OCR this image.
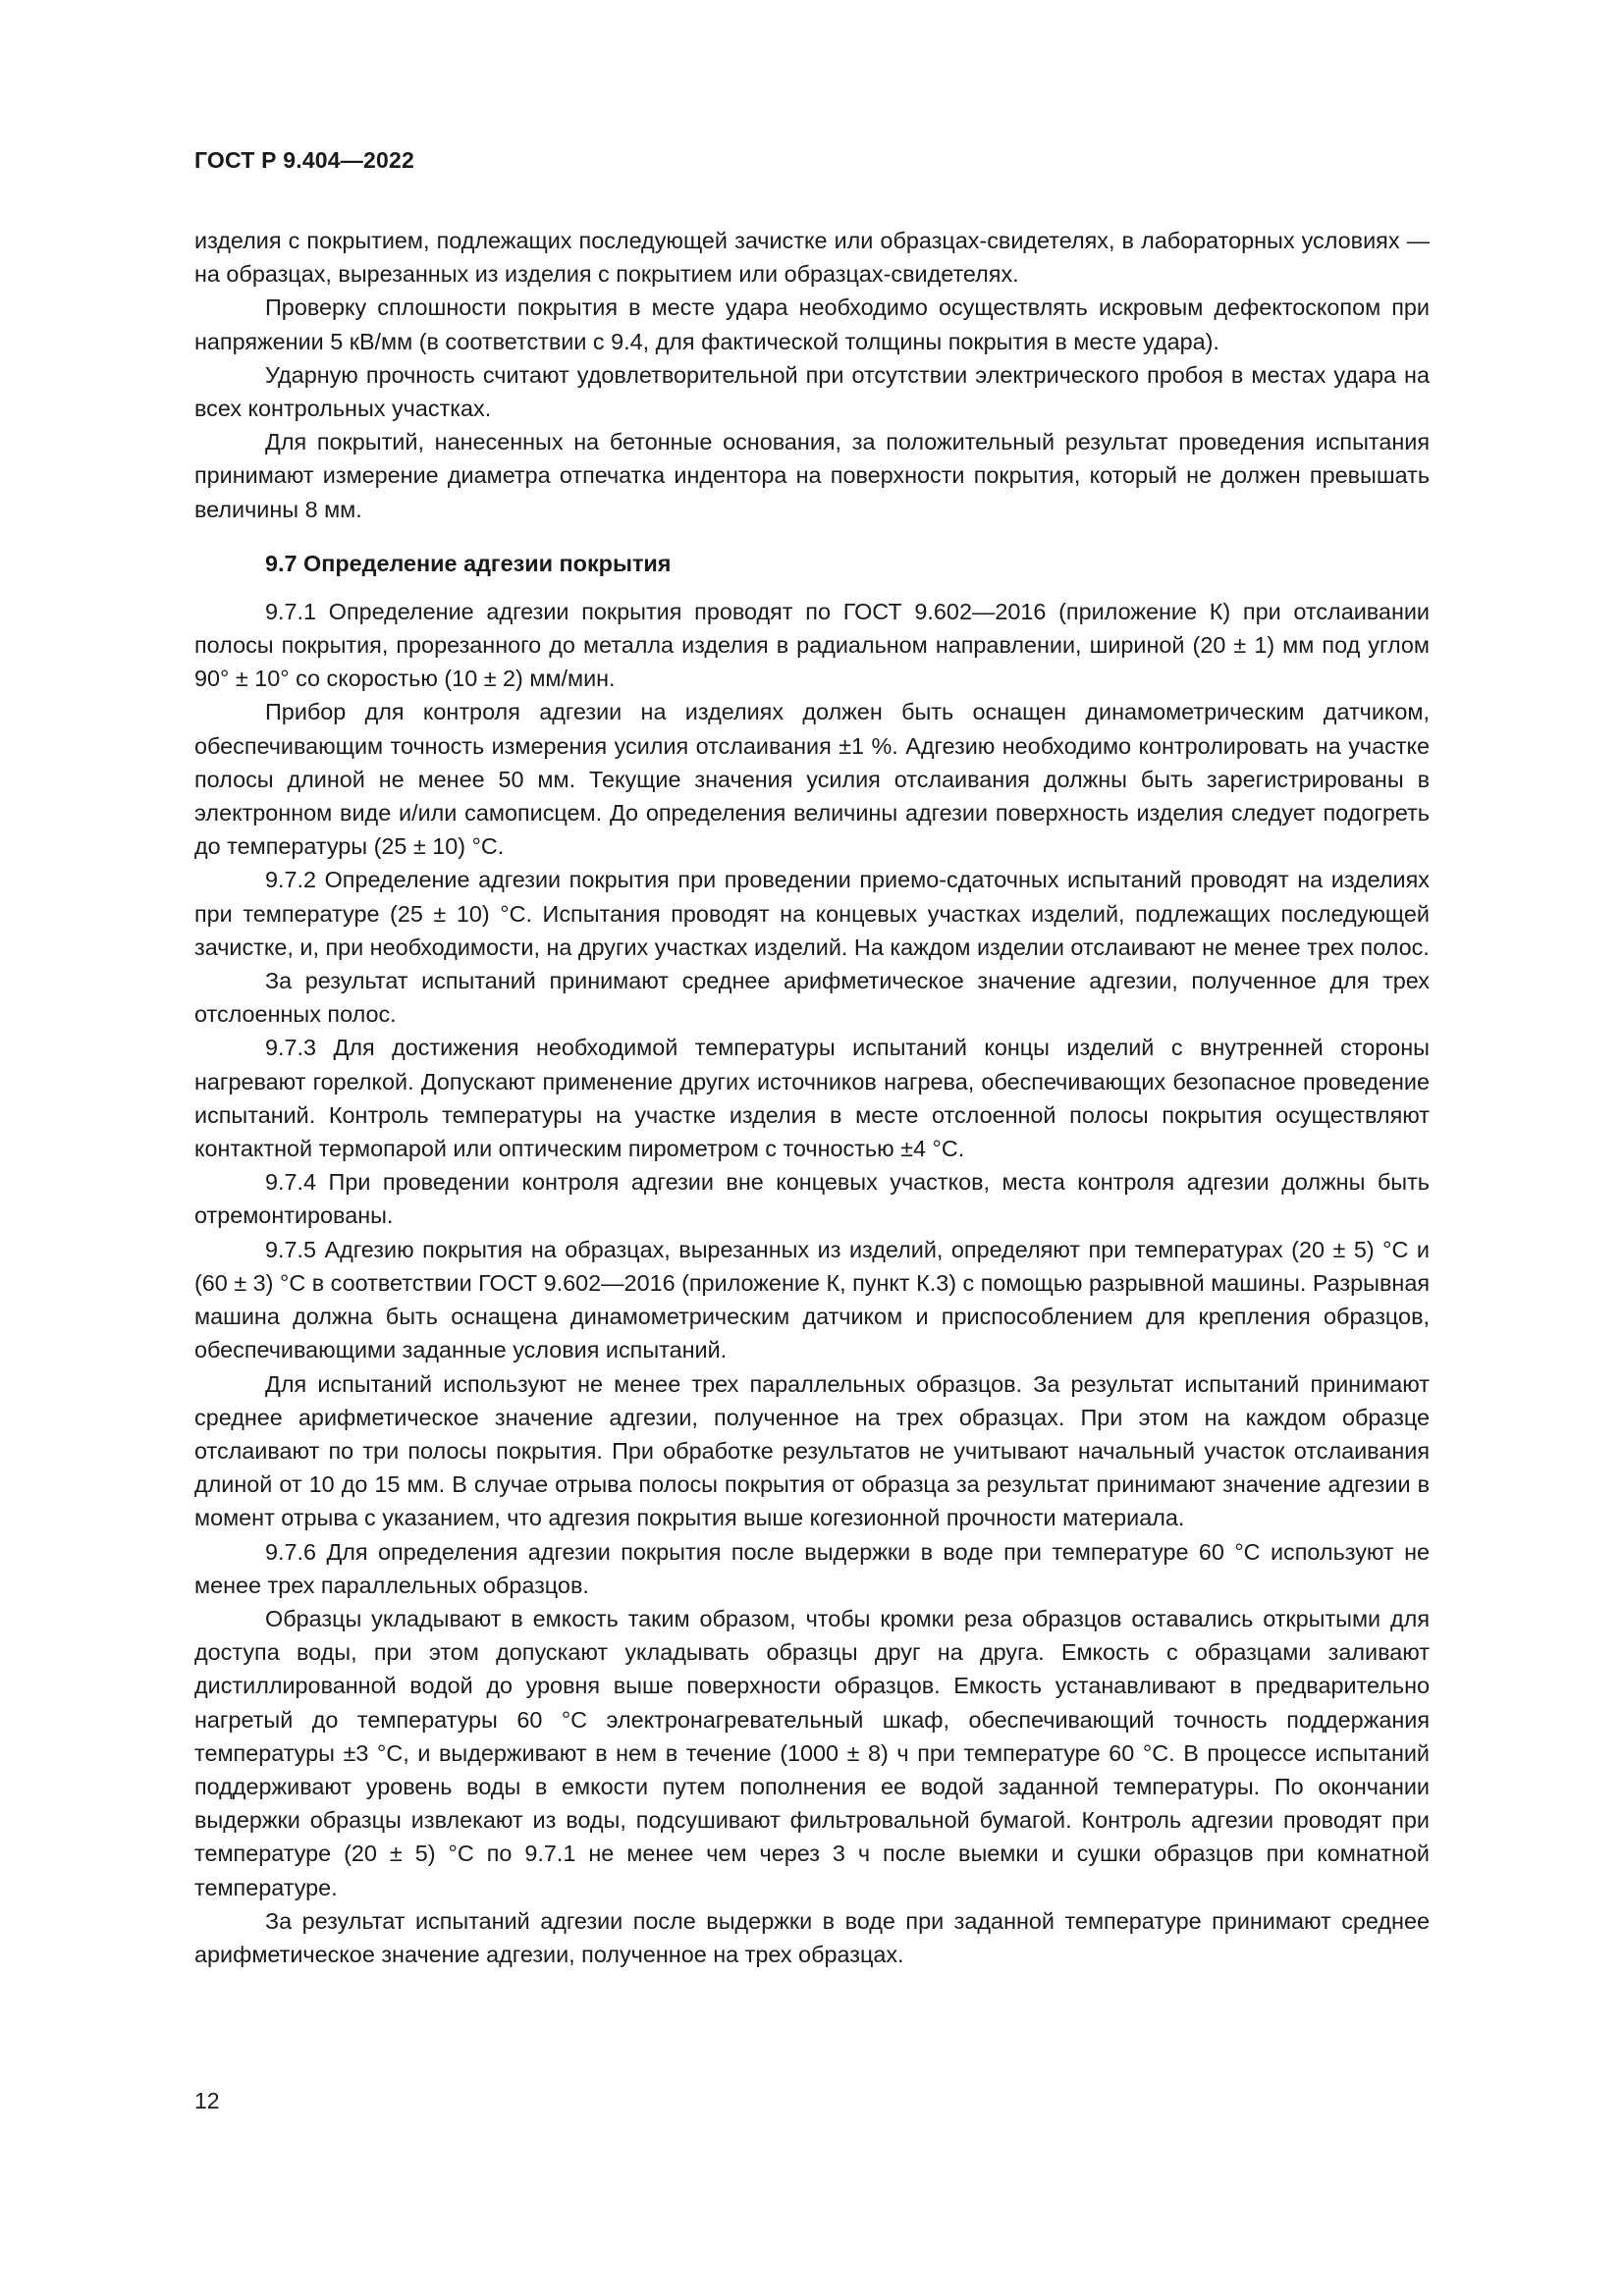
ГОСТ Р 9.404—2022

изделия с покрытием, подлежащих последующей зачистке или образцах-свидетелях, в лабораторных условиях — на образцах, вырезанных из изделия с покрытием или образцах-свидетелях.

Проверку сплошности покрытия в месте удара необходимо осуществлять искровым дефектоскопом при напряжении 5 кВ/мм (в соответствии с 9.4, для фактической толщины покрытия в месте удара).

Ударную прочность считают удовлетворительной при отсутствии электрического пробоя в местах удара на всех контрольных участках.

Для покрытий, нанесенных на бетонные основания, за положительный результат проведения испытания принимают измерение диаметра отпечатка индентора на поверхности покрытия, который не должен превышать величины 8 мм.

9.7 Определение адгезии покрытия

9.7.1 Определение адгезии покрытия проводят по ГОСТ 9.602—2016 (приложение К) при отслаивании полосы покрытия, прорезанного до металла изделия в радиальном направлении, шириной (20 ± 1) мм под углом 90° ± 10° со скоростью (10 ± 2) мм/мин.

Прибор для контроля адгезии на изделиях должен быть оснащен динамометрическим датчиком, обеспечивающим точность измерения усилия отслаивания ±1 %. Адгезию необходимо контролировать на участке полосы длиной не менее 50 мм. Текущие значения усилия отслаивания должны быть зарегистрированы в электронном виде и/или самописцем. До определения величины адгезии поверхность изделия следует подогреть до температуры (25 ± 10) °С.

9.7.2 Определение адгезии покрытия при проведении приемо-сдаточных испытаний проводят на изделиях при температуре (25 ± 10) °С. Испытания проводят на концевых участках изделий, подлежащих последующей зачистке, и, при необходимости, на других участках изделий. На каждом изделии отслаивают не менее трех полос.

За результат испытаний принимают среднее арифметическое значение адгезии, полученное для трех отслоенных полос.

9.7.3 Для достижения необходимой температуры испытаний концы изделий с внутренней стороны нагревают горелкой. Допускают применение других источников нагрева, обеспечивающих безопасное проведение испытаний. Контроль температуры на участке изделия в месте отслоенной полосы покрытия осуществляют контактной термопарой или оптическим пирометром с точностью ±4 °С.

9.7.4 При проведении контроля адгезии вне концевых участков, места контроля адгезии должны быть отремонтированы.

9.7.5 Адгезию покрытия на образцах, вырезанных из изделий, определяют при температурах (20 ± 5) °С и (60 ± 3) °С в соответствии ГОСТ 9.602—2016 (приложение К, пункт К.3) с помощью разрывной машины. Разрывная машина должна быть оснащена динамометрическим датчиком и приспособлением для крепления образцов, обеспечивающими заданные условия испытаний.

Для испытаний используют не менее трех параллельных образцов. За результат испытаний принимают среднее арифметическое значение адгезии, полученное на трех образцах. При этом на каждом образце отслаивают по три полосы покрытия. При обработке результатов не учитывают начальный участок отслаивания длиной от 10 до 15 мм. В случае отрыва полосы покрытия от образца за результат принимают значение адгезии в момент отрыва с указанием, что адгезия покрытия выше когезионной прочности материала.

9.7.6 Для определения адгезии покрытия после выдержки в воде при температуре 60 °С используют не менее трех параллельных образцов.

Образцы укладывают в емкость таким образом, чтобы кромки реза образцов оставались открытыми для доступа воды, при этом допускают укладывать образцы друг на друга. Емкость с образцами заливают дистиллированной водой до уровня выше поверхности образцов. Емкость устанавливают в предварительно нагретый до температуры 60 °С электронагревательный шкаф, обеспечивающий точность поддержания температуры ±3 °С, и выдерживают в нем в течение (1000 ± 8) ч при температуре 60 °С. В процессе испытаний поддерживают уровень воды в емкости путем пополнения ее водой заданной температуры. По окончании выдержки образцы извлекают из воды, подсушивают фильтровальной бумагой. Контроль адгезии проводят при температуре (20 ± 5) °С по 9.7.1 не менее чем через 3 ч после выемки и сушки образцов при комнатной температуре.

За результат испытаний адгезии после выдержки в воде при заданной температуре принимают среднее арифметическое значение адгезии, полученное на трех образцах.

12
